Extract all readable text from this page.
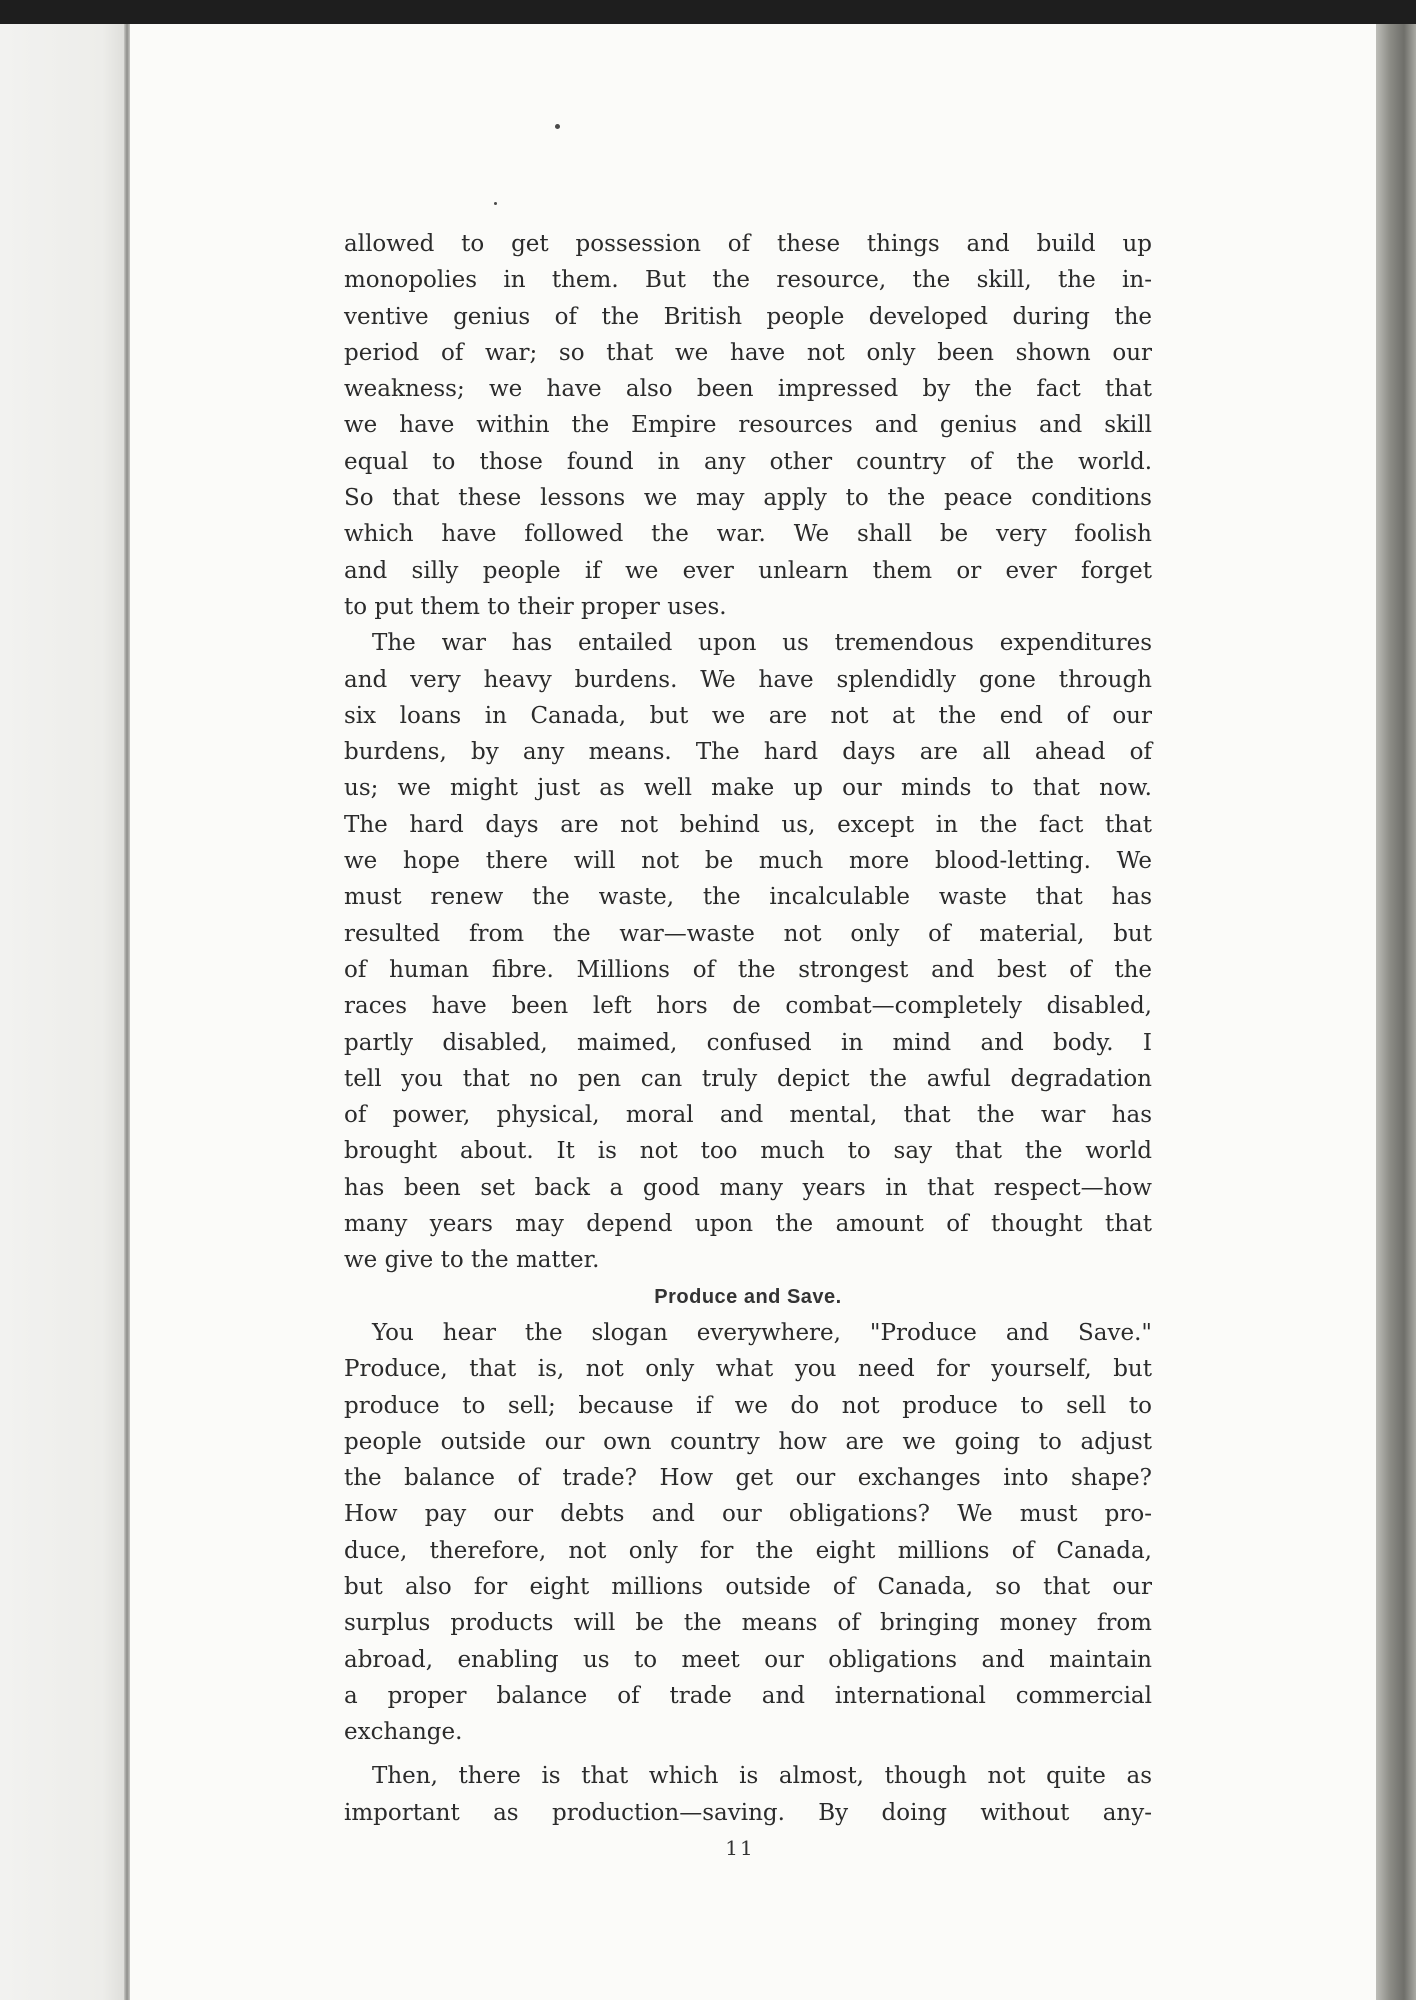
allowed to get possession of these things and build up
monopolies in them. But the resource, the skill, the in-
ventive genius of the British people developed during the
period of war; so that we have not only been shown our
weakness; we have also been impressed by the fact that
we have within the Empire resources and genius and skill
equal to those found in any other country of the world.
So that these lessons we may apply to the peace conditions
which have followed the war. We shall be very foolish
and silly people if we ever unlearn them or ever forget
to put them to their proper uses.
The war has entailed upon us tremendous expenditures
and very heavy burdens. We have splendidly gone through
six loans in Canada, but we are not at the end of our
burdens, by any means. The hard days are all ahead of
us; we might just as well make up our minds to that now.
The hard days are not behind us, except in the fact that
we hope there will not be much more blood-letting. We
must renew the waste, the incalculable waste that has
resulted from the war—waste not only of material, but
of human fibre. Millions of the strongest and best of the
races have been left hors de combat—completely disabled,
partly disabled, maimed, confused in mind and body. I
tell you that no pen can truly depict the awful degradation
of power, physical, moral and mental, that the war has
brought about. It is not too much to say that the world
has been set back a good many years in that respect—how
many years may depend upon the amount of thought that
we give to the matter.
Produce and Save.
You hear the slogan everywhere, "Produce and Save."
Produce, that is, not only what you need for yourself, but
produce to sell; because if we do not produce to sell to
people outside our own country how are we going to adjust
the balance of trade? How get our exchanges into shape?
How pay our debts and our obligations? We must pro-
duce, therefore, not only for the eight millions of Canada,
but also for eight millions outside of Canada, so that our
surplus products will be the means of bringing money from
abroad, enabling us to meet our obligations and maintain
a proper balance of trade and international commercial
exchange.
Then, there is that which is almost, though not quite as
important as production—saving. By doing without any-
11
